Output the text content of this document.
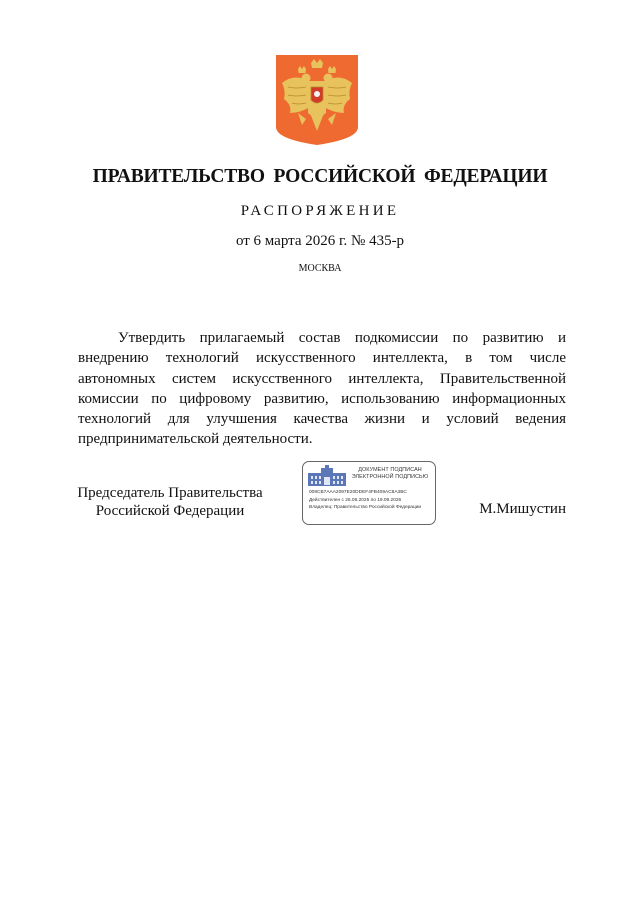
ПРАВИТЕЛЬСТВО РОССИЙСКОЙ ФЕДЕРАЦИИ
РАСПОРЯЖЕНИЕ
от 6 марта 2026 г. № 435-р
МОСКВА
Утвердить прилагаемый состав подкомиссии по развитию и внедрению технологий искусственного интеллекта, в том числе автономных систем искусственного интеллекта, Правительственной комиссии по цифровому развитию, использованию информационных технологий для улучшения качества жизни и условий ведения предпринимательской деятельности.
Председатель Правительства
Российской Федерации
ДОКУМЕНТ ПОДПИСАН
ЭЛЕКТРОННОЙ ПОДПИСЬЮ
008CB7AAA2097E20DDEF4FB409AC8A3BC
Действителен с 26.06.2025 по 19.09.2026
Владелец: Правительство Российской Федерации	М.Мишустин
